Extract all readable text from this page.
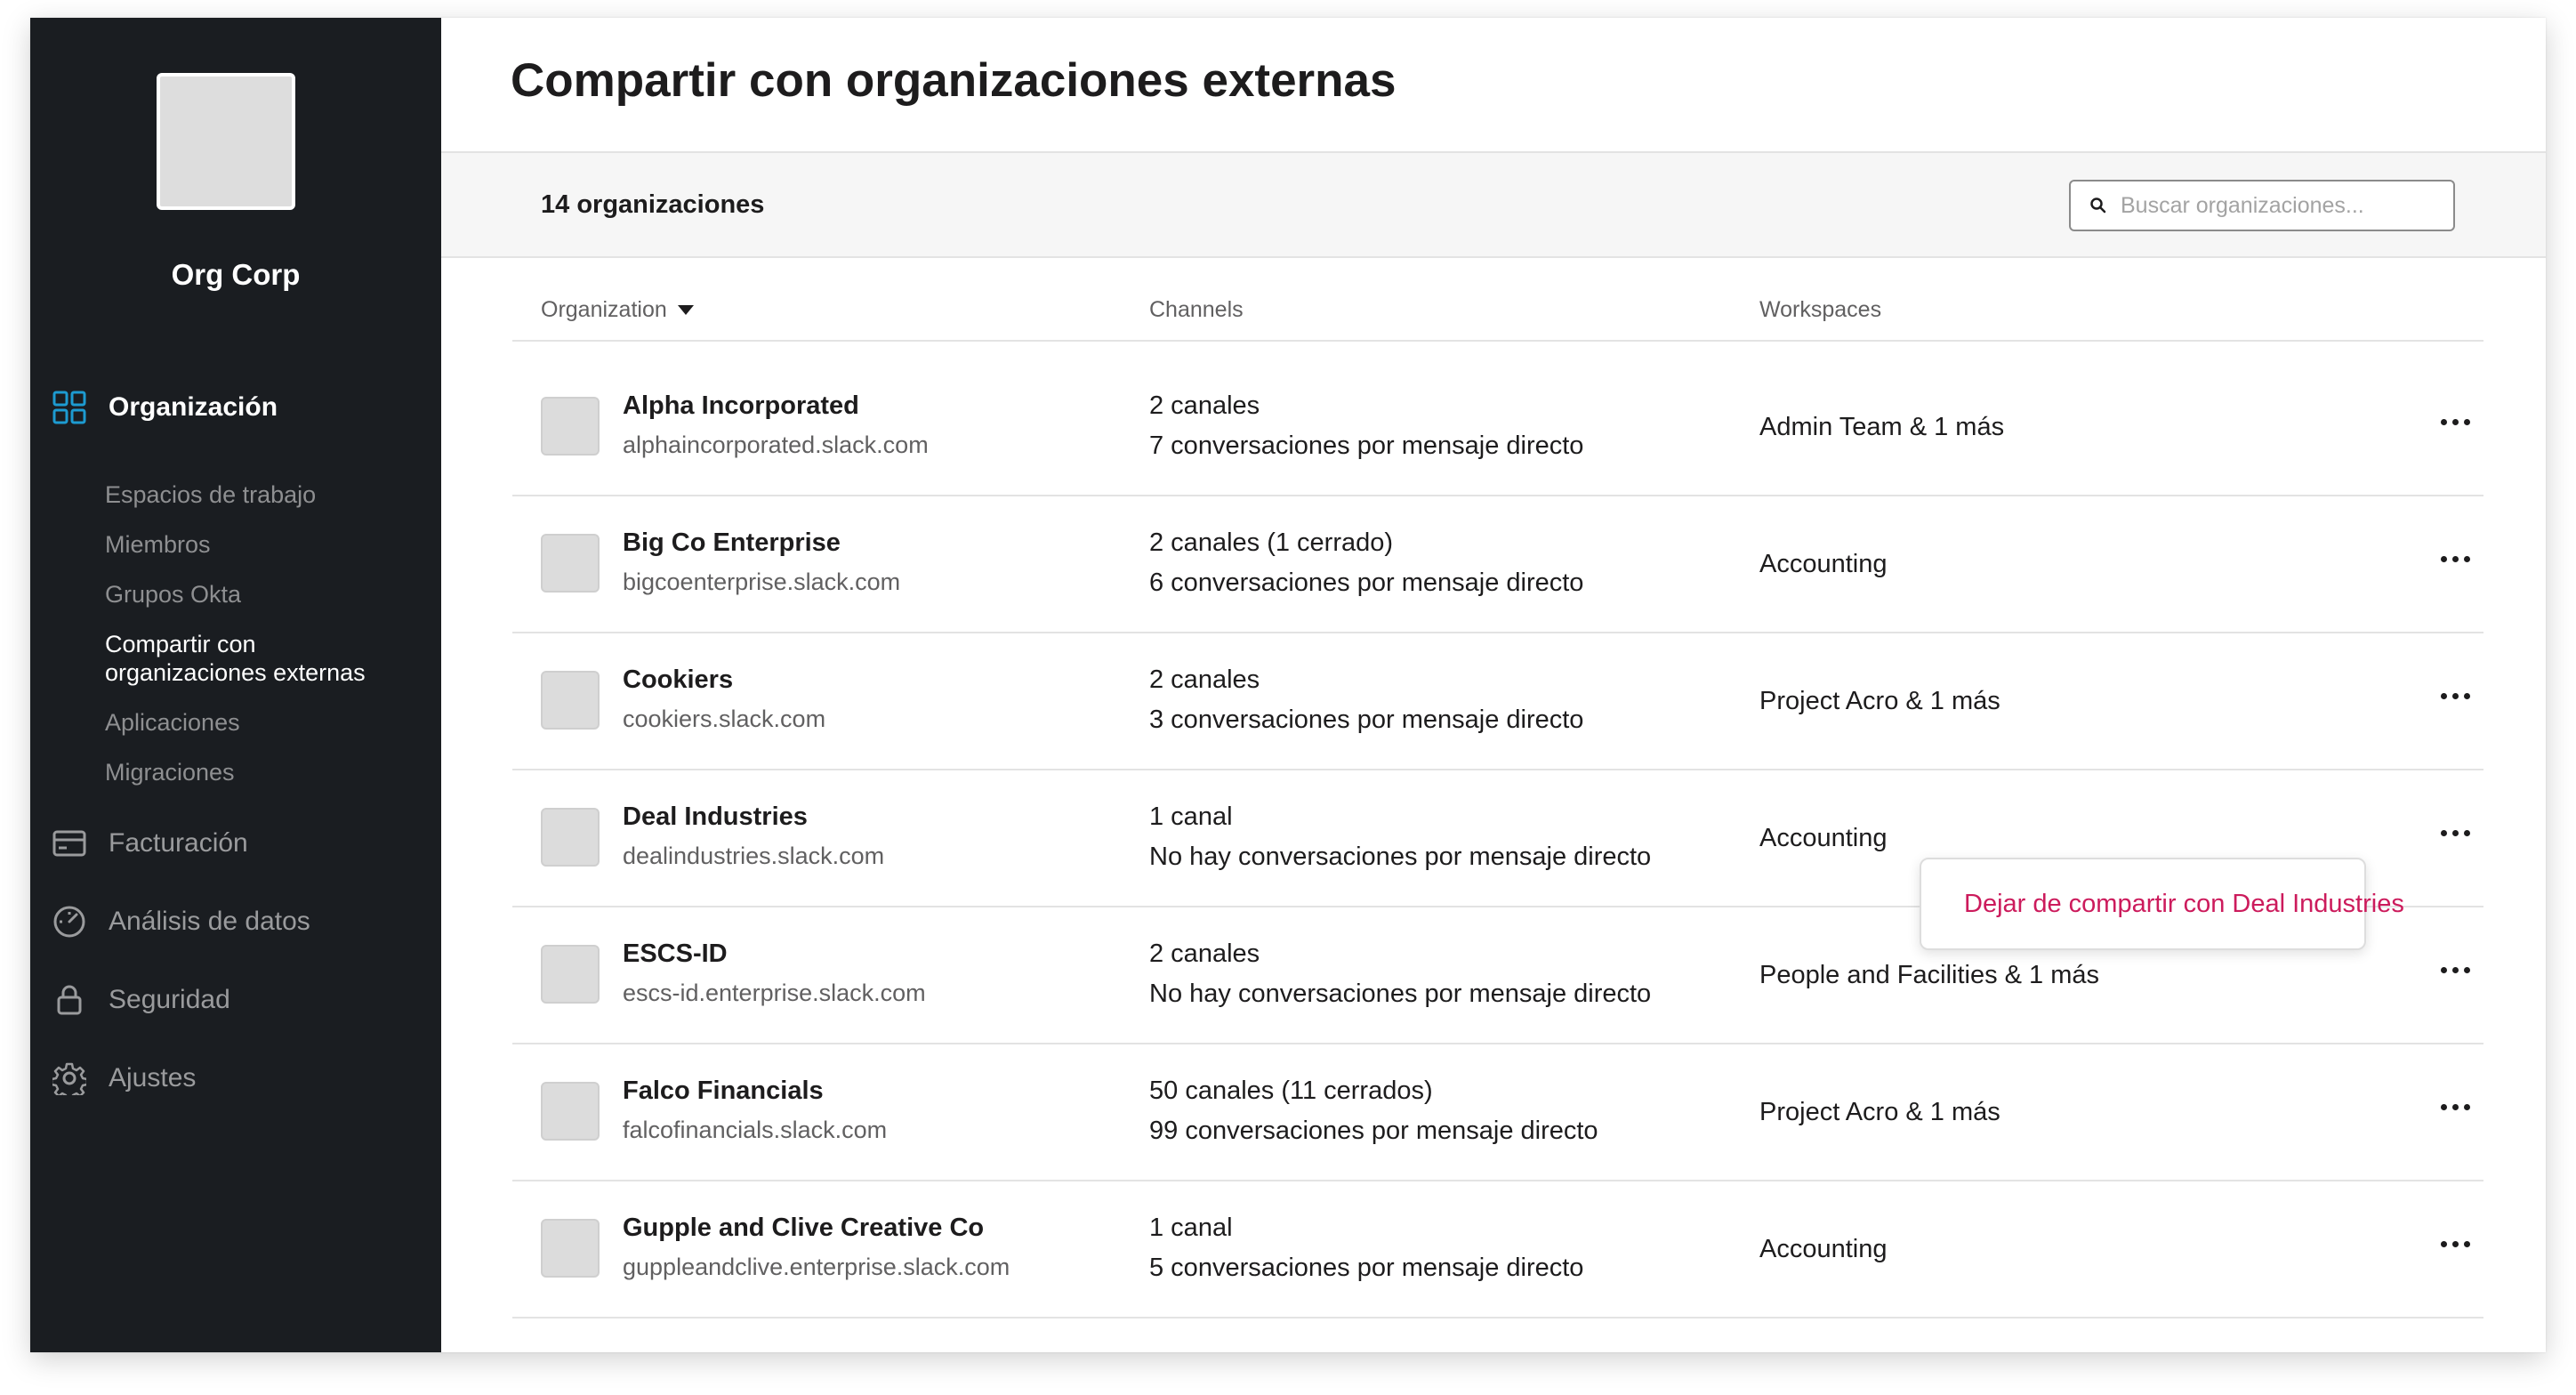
Org Corp
Organización
Espacios de trabajo
Miembros
Grupos Okta
Compartir con
organizaciones externas
Aplicaciones
Migraciones
Facturación
Análisis de datos
Seguridad
Ajustes
Compartir con organizaciones externas
14 organizaciones
Buscar organizaciones...
Organization	Channels	Workspaces
Alpha Incorporated
alphaincorporated.slack.com
2 canales
7 conversaciones por mensaje directo
Admin Team & 1 más
Big Co Enterprise
bigcoenterprise.slack.com
2 canales (1 cerrado)
6 conversaciones por mensaje directo
Accounting
Cookiers
cookiers.slack.com
2 canales
3 conversaciones por mensaje directo
Project Acro & 1 más
Deal Industries
dealindustries.slack.com
1 canal
No hay conversaciones por mensaje directo
Accounting
ESCS-ID
escs-id.enterprise.slack.com
2 canales
No hay conversaciones por mensaje directo
People and Facilities & 1 más
Falco Financials
falcofinancials.slack.com
50 canales (11 cerrados)
99 conversaciones por mensaje directo
Project Acro & 1 más
Gupple and Clive Creative Co
guppleandclive.enterprise.slack.com
1 canal
5 conversaciones por mensaje directo
Accounting
Dejar de compartir con Deal Industries
